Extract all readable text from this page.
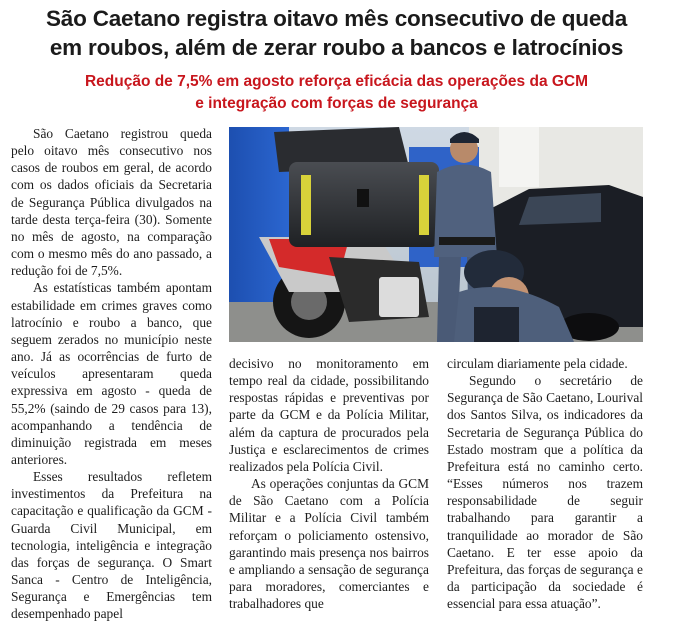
São Caetano registra oitavo mês consecutivo de queda
em roubos, além de zerar roubo a bancos e latrocínios
Redução de 7,5% em agosto reforça eficácia das operações da GCM
e integração com forças de segurança

São Caetano registrou queda pelo oitavo mês consecutivo nos casos de roubos em geral, de acordo com os dados oficiais da Secretaria de Segurança Pública divulgados na tarde desta terça-feira (30). Somente no mês de agosto, na comparação com o mesmo mês do ano passado, a redução foi de 7,5%.

As estatísticas também apontam estabilidade em crimes graves como latrocínio e roubo a banco, que seguem zerados no município neste ano. Já as ocorrências de furto de veículos apresentaram queda expressiva em agosto - queda de 55,2% (saindo de 29 casos para 13), acompanhando a tendência de diminuição registrada em meses anteriores.

Esses resultados refletem investimentos da Prefeitura na capacitação e qualificação da GCM - Guarda Civil Municipal, em tecnologia, inteligência e integração das forças de segurança. O Smart Sanca - Centro de Inteligência, Segurança e Emergências tem desempenhado papel

decisivo no monitoramento em tempo real da cidade, possibilitando respostas rápidas e preventivas por parte da GCM e da Polícia Militar, além da captura de procurados pela Justiça e esclarecimentos de crimes realizados pela Polícia Civil.

As operações conjuntas da GCM de São Caetano com a Polícia Militar e a Polícia Civil também reforçam o policiamento ostensivo, garantindo mais presença nos bairros e ampliando a sensação de segurança para moradores, comerciantes e trabalhadores que

circulam diariamente pela cidade.

Segundo o secretário de Segurança de São Caetano, Lourival dos Santos Silva, os indicadores da Secretaria de Segurança Pública do Estado mostram que a política da Prefeitura está no caminho certo. “Esses números nos trazem responsabilidade de seguir trabalhando para garantir a tranquilidade ao morador de São Caetano. E ter esse apoio da Prefeitura, das forças de segurança e da participação da sociedade é essencial para essa atuação”.
